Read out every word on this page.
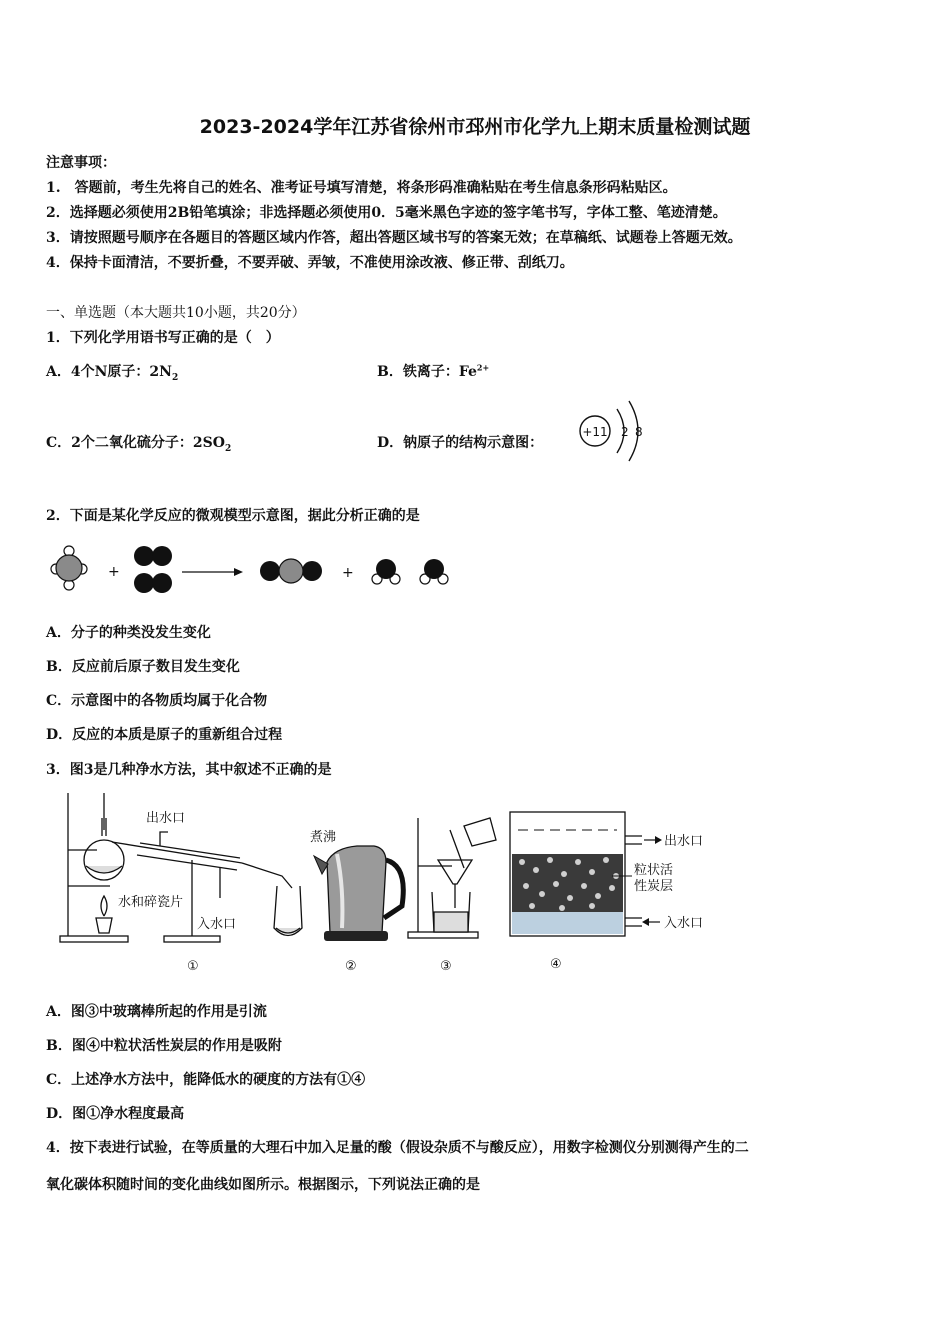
2023-2024学年江苏省徐州市邳州市化学九上期末质量检测试题
注意事项：
1.　答题前，考生先将自己的姓名、准考证号填写清楚，将条形码准确粘贴在考生信息条形码粘贴区。
2．选择题必须使用2B铅笔填涂；非选择题必须使用0．5毫米黑色字迹的签字笔书写，字体工整、笔迹清楚。
3．请按照题号顺序在各题目的答题区域内作答，超出答题区域书写的答案无效；在草稿纸、试题卷上答题无效。
4．保持卡面清洁，不要折叠，不要弄破、弄皱，不准使用涂改液、修正带、刮纸刀。
一、单选题（本大题共10小题，共20分）
1．下列化学用语书写正确的是（　）
A．4个N原子：$2N_2$	B．铁离子：$Fe^{2+}$
C．2个二氧化硫分子：$2SO_2$	D．钠原子的结构示意图：
+11 2 8
2．下面是某化学反应的微观模型示意图，据此分析正确的是
+	+
A．分子的种类没发生变化
B．反应前后原子数目发生变化
C．示意图中的各物质均属于化合物
D．反应的本质是原子的重新组合过程
3．图3是几种净水方法，其中叙述不正确的是
出水口
水和碎瓷片
入水口
①
煮沸
②	③
出水口
粒状活
性炭层
入水口
④
A．图③中玻璃棒所起的作用是引流
B．图④中粒状活性炭层的作用是吸附
C．上述净水方法中，能降低水的硬度的方法有①④
D．图①净水程度最高
4．按下表进行试验，在等质量的大理石中加入足量的酸（假设杂质不与酸反应），用数字检测仪分别测得产生的二
氧化碳体积随时间的变化曲线如图所示。根据图示，下列说法正确的是
